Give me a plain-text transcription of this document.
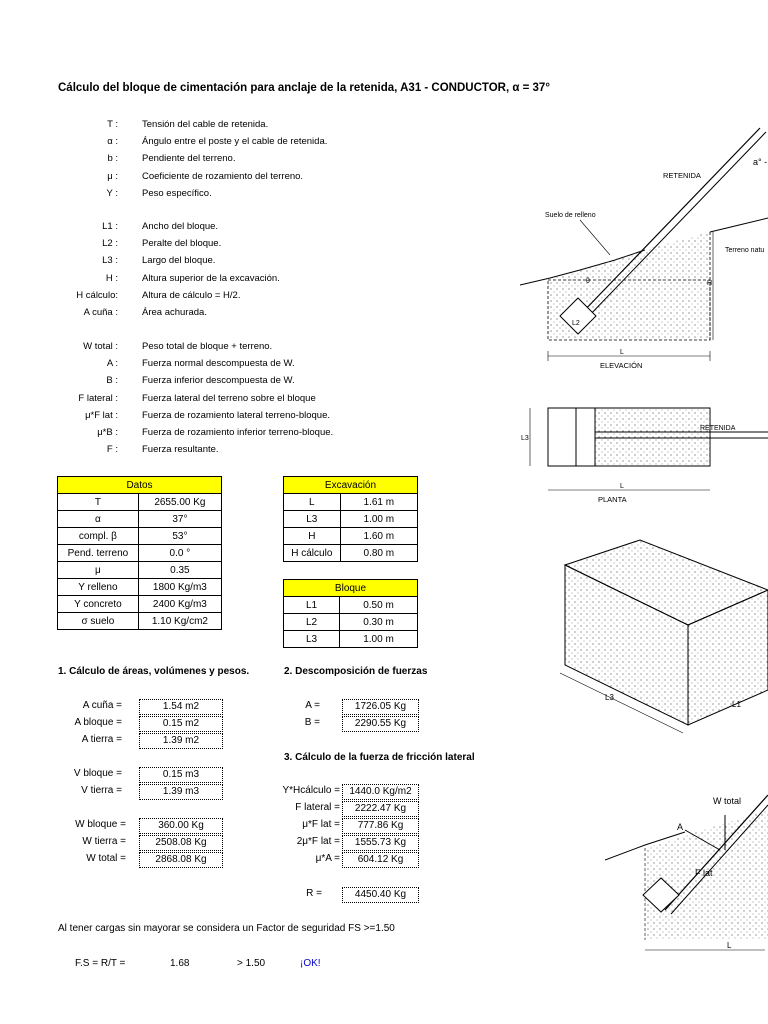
Cálculo del bloque de cimentación para anclaje de la retenida, A31 - CONDUCTOR, α = 37°
T :	Tensión del cable de retenida.
α :	Ángulo entre el poste y el cable de retenida.
b :	Pendiente del terreno.
μ :	Coeficiente de rozamiento del terreno.
Y :	Peso específico.
L1 :	Ancho del bloque.
L2 :	Peralte del bloque.
L3 :	Largo del bloque.
H :	Altura superior de la excavación.
H cálculo:	Altura de cálculo = H/2.
A cuña :	Área achurada.
W total :	Peso total de bloque + terreno.
A :	Fuerza normal descompuesta de W.
B :	Fuerza inferior descompuesta de W.
F lateral :	Fuerza lateral del terreno sobre el bloque
μ*F lat :	Fuerza de rozamiento lateral terreno-bloque.
μ*B :	Fuerza de rozamiento inferior terreno-bloque.
F :	Fuerza resultante.
Datos	
T	2655.00 Kg
α	37°
compl. β	53°
Pend. terreno	0.0 °
μ	0.35
Y relleno	1800 Kg/m3
Y concreto	2400 Kg/m3
σ suelo	1.10 Kg/cm2
Excavación	
L	1.61 m
L3	1.00 m
H	1.60 m
H cálculo	0.80 m
Bloque	
L1	0.50 m
L2	0.30 m
L3	1.00 m
1. Cálculo de áreas, volúmenes y pesos.	2. Descomposición de fuerzas
3. Cálculo de la fuerza de fricción lateral
A cuña =	1.54 m2
A bloque =	0.15 m2
A tierra =	1.39 m2
V bloque =	0.15 m3
V tierra =	1.39 m3
W bloque =	360.00 Kg
W tierra =	2508.08 Kg
W total =	2868.08 Kg
A =	1726.05 Kg
B =	2290.55 Kg
Y*Hcálculo = 1440.0 Kg/m2
F lateral =	2222.47 Kg
μ*F lat =	777.86 Kg
2μ*F lat =	1555.73 Kg
μ*A =	604.12 Kg
R =	4450.40 Kg
Al tener cargas sin mayorar se considera un Factor de seguridad FS >=1.50
F.S = R/T =	1.68	> 1.50	¡OK!
RETENIDA
a° -
Suelo de relleno
Terreno natu
H
L2
θ
L
ELEVACIÓN
L3
RETENIDA
L
PLANTA
L3
L1
W total
A
F lat
L
